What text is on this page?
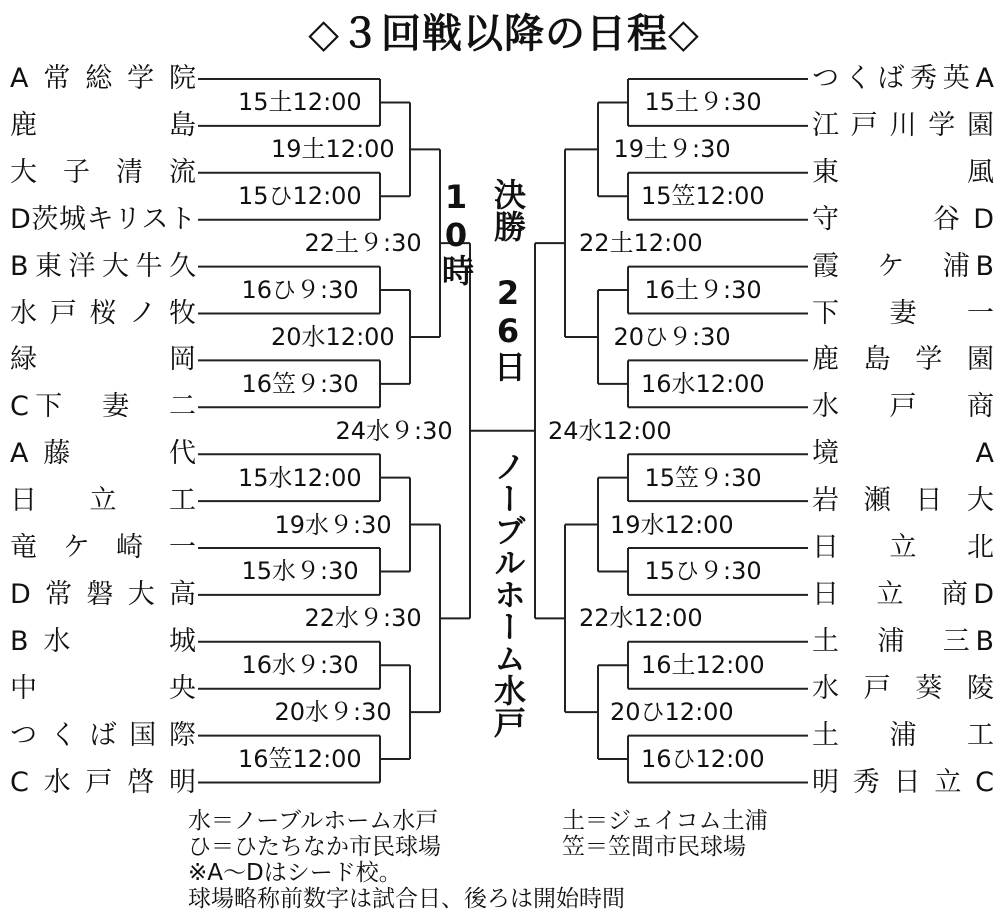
◇３回戦以降の日程◇
A常総学院
鹿　　島
大子清流
D茨城キリスト
B東洋大牛久
水戸桜ノ牧
緑　　岡
C下　妻　二
A藤　　代
日　立　工
竜ケ崎一
D常磐大高
B水　　城
中　　央
つくば国際
C水戸啓明
つくば秀英A
江戸川学園
東　　風
守　　谷D
霞　ケ　浦B
下　妻　一
鹿島学園
水　戸　商
境　　A
岩瀬日大
日　立　北
日　立　商D
土　浦　三B
水戸葵陵
土　浦　工
明秀日立C
15土12:00
15ひ12:00
16ひ９:30
16笠９:30
15水12:00
15水９:30
16水９:30
16笠12:00
19土12:00
20水12:00
19水９:30
20水９:30
22土９:30
22水９:30
24水９:30
15土９:30
15笠12:00
16土９:30
16水12:00
15笠９:30
15ひ９:30
16土12:00
16ひ12:00
19土９:30
20ひ９:30
19水12:00
20ひ12:00
22土12:00
22水12:00
24水12:00
決勝　26日10時
ノーブルホーム水戸
水＝ノーブルホーム水戸	土＝ジェイコム土浦
ひ＝ひたちなか市民球場	笠＝笠間市民球場
※A～Dはシード校。
球場略称前数字は試合日、後ろは開始時間
